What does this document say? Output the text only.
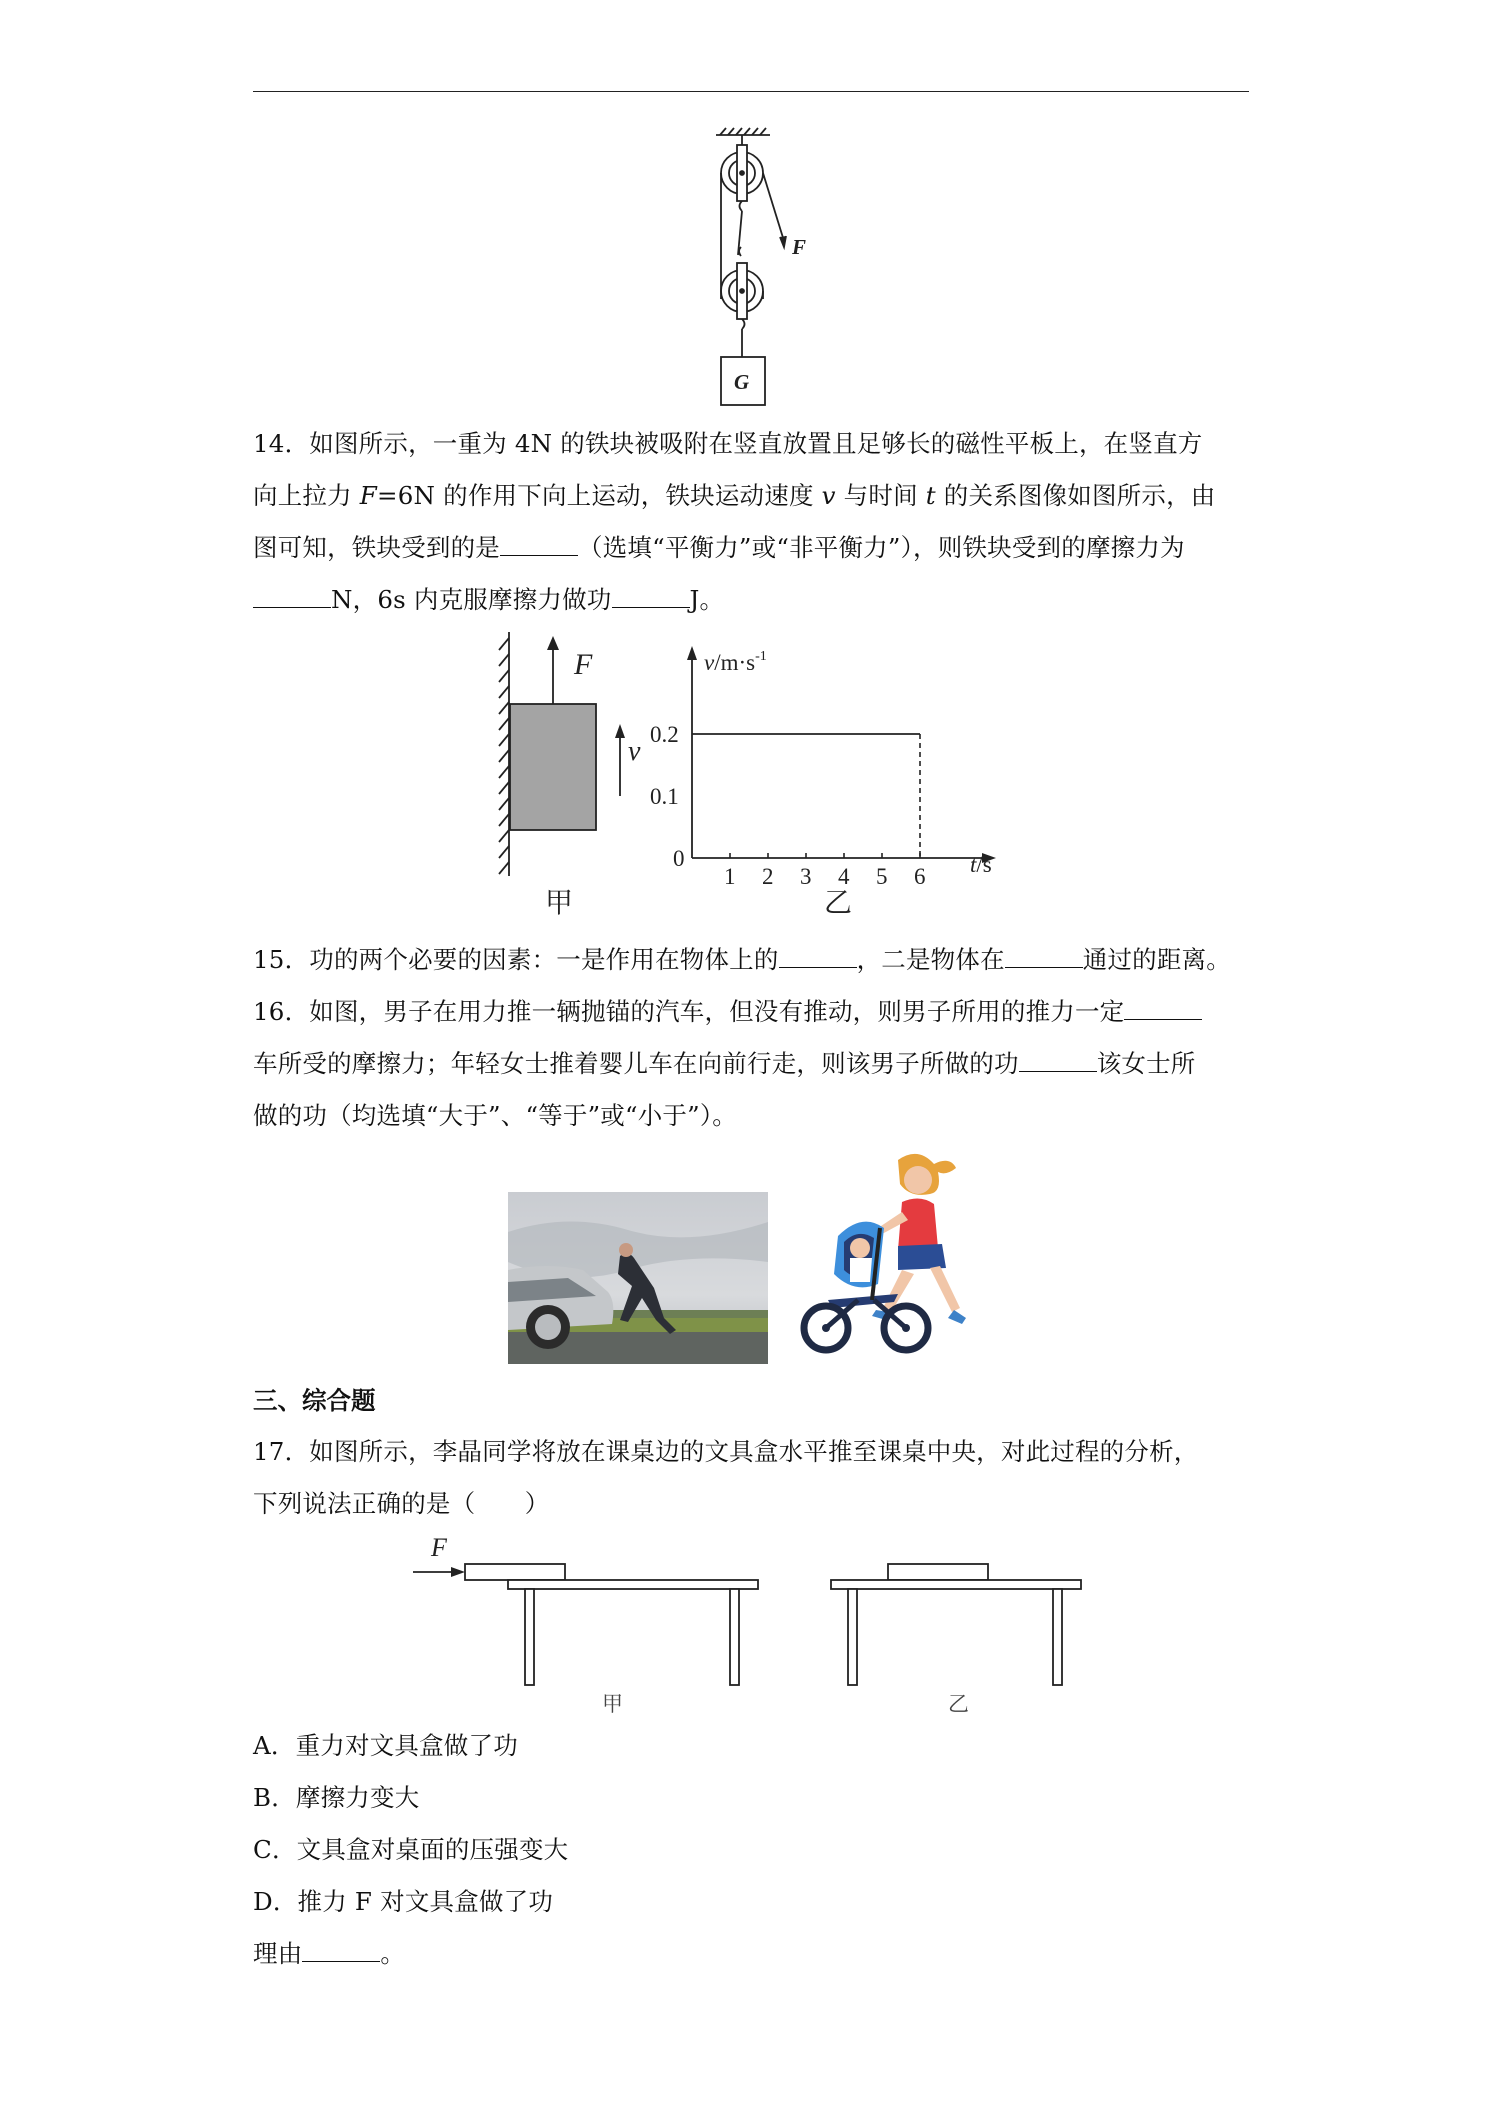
F
G
14．如图所示，一重为 4N 的铁块被吸附在竖直放置且足够长的磁性平板上，在竖直方
向上拉力 F=6N 的作用下向上运动，铁块运动速度 v 与时间 t 的关系图像如图所示，由
图可知，铁块受到的是	（选填“平衡力”或“非平衡力”），则铁块受到的摩擦力为
N，6s 内克服摩擦力做功	J。
F
v
甲
$v/m\cdot s^{-1}$
0.1
0.2
1 2 3 4 5 6
0	t/s
乙
15．功的两个必要的因素：一是作用在物体上的	，二是物体在	通过的距离。
16．如图，男子在用力推一辆抛锚的汽车，但没有推动，则男子所用的推力一定
车所受的摩擦力；年轻女士推着婴儿车在向前行走，则该男子所做的功	该女士所
做的功（均选填“大于”、“等于”或“小于”）。
三、综合题
17．如图所示，李晶同学将放在课桌边的文具盒水平推至课桌中央，对此过程的分析，
下列说法正确的是（　　）
F
甲	乙
A．重力对文具盒做了功
B．摩擦力变大
C．文具盒对桌面的压强变大
D．推力 F 对文具盒做了功
理由	。
